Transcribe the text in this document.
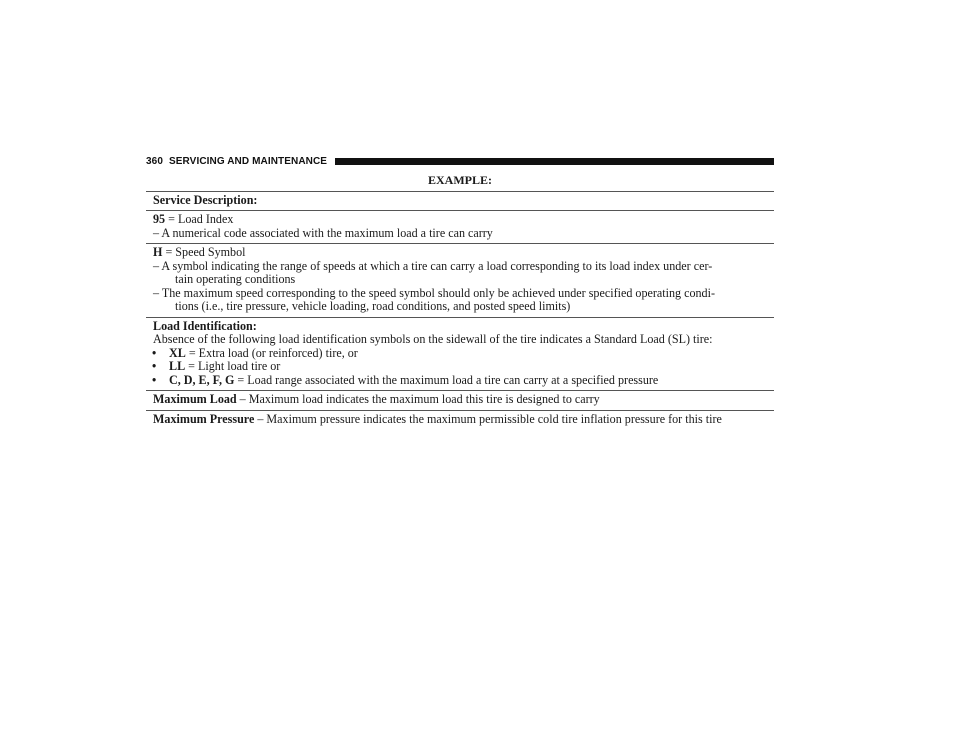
360 SERVICING AND MAINTENANCE
EXAMPLE:
Service Description:
95 = Load Index
– A numerical code associated with the maximum load a tire can carry
H = Speed Symbol
– A symbol indicating the range of speeds at which a tire can carry a load corresponding to its load index under cer-
tain operating conditions
– The maximum speed corresponding to the speed symbol should only be achieved under specified operating condi-
tions (i.e., tire pressure, vehicle loading, road conditions, and posted speed limits)
Load Identification:
Absence of the following load identification symbols on the sidewall of the tire indicates a Standard Load (SL) tire:
• XL = Extra load (or reinforced) tire, or
• LL = Light load tire or
• C, D, E, F, G = Load range associated with the maximum load a tire can carry at a specified pressure
Maximum Load – Maximum load indicates the maximum load this tire is designed to carry
Maximum Pressure – Maximum pressure indicates the maximum permissible cold tire inflation pressure for this tire
